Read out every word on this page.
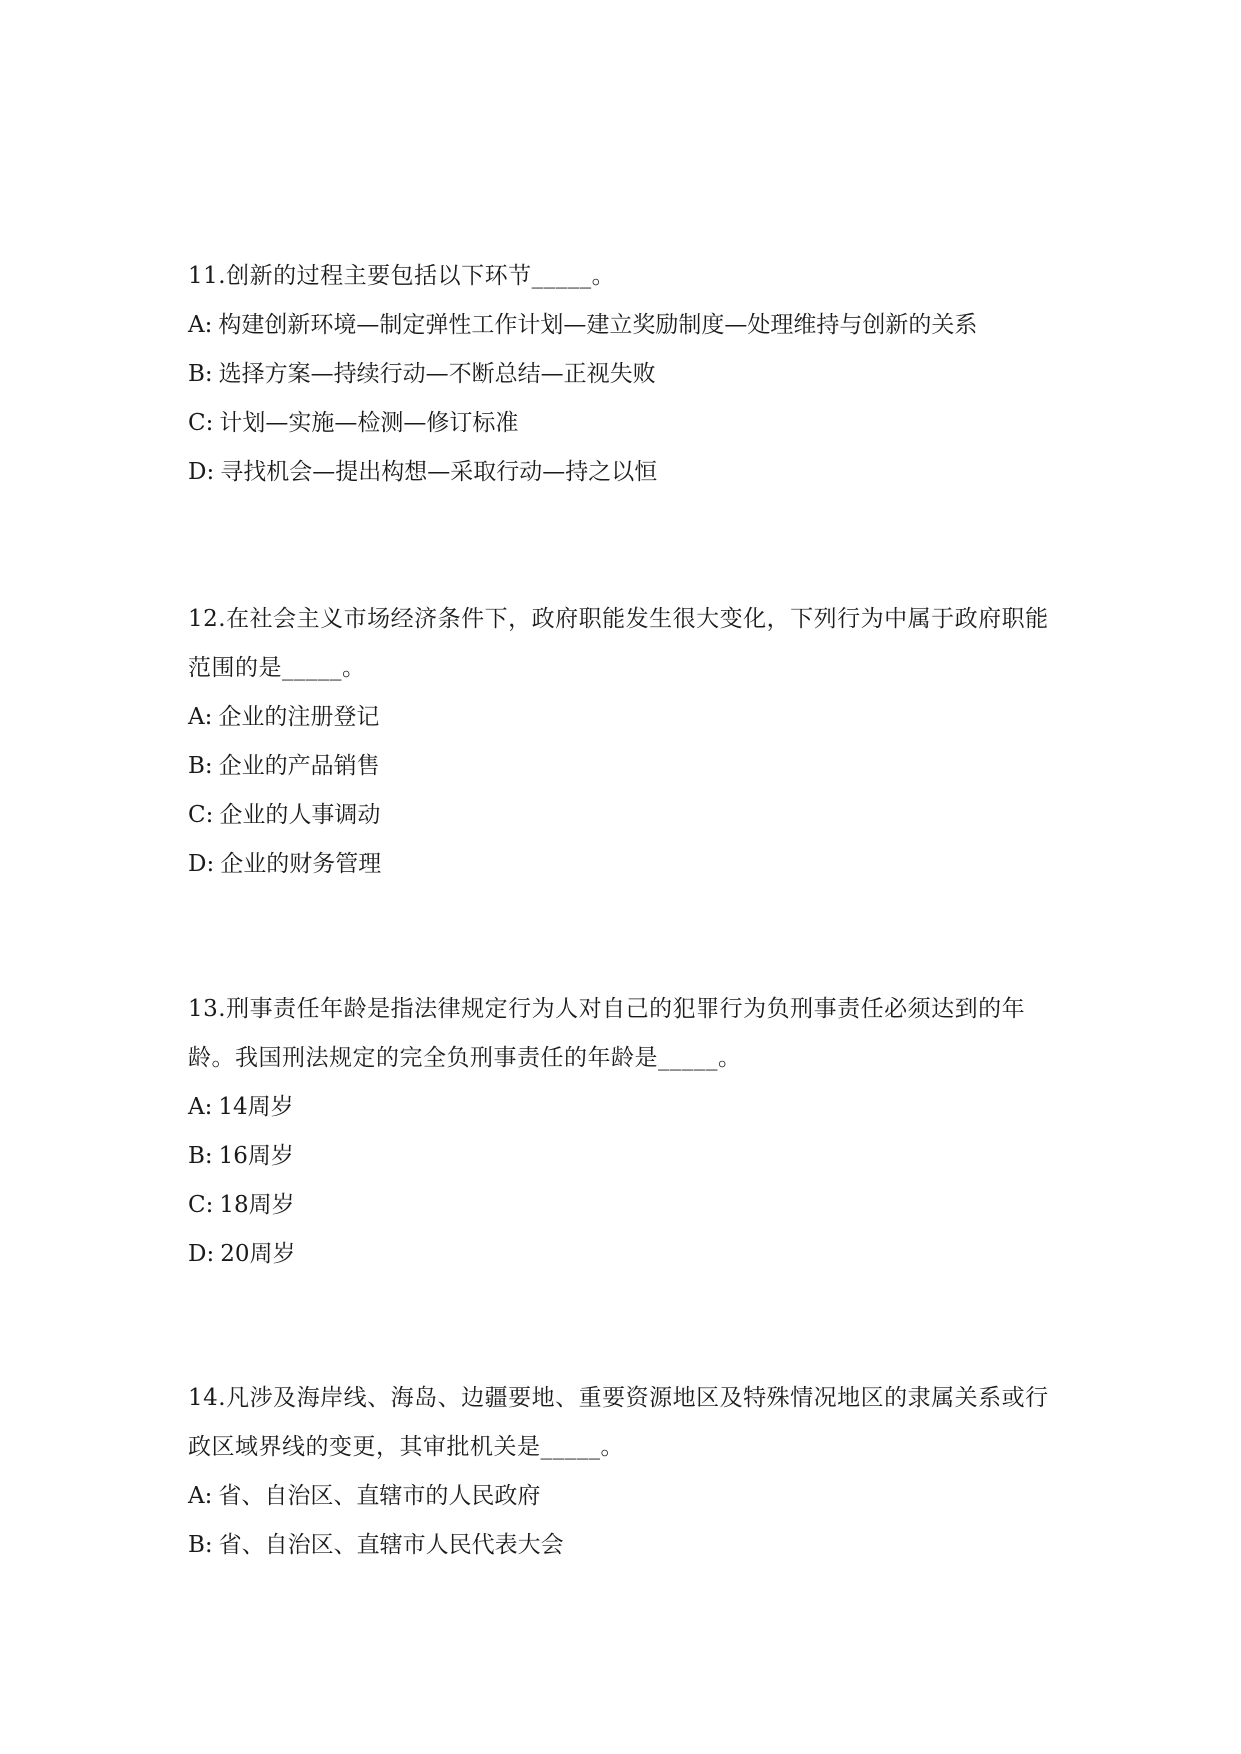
11.创新的过程主要包括以下环节_____。

A: 构建创新环境—制定弹性工作计划—建立奖励制度—处理维持与创新的关系
B: 选择方案—持续行动—不断总结—正视失败
C: 计划—实施—检测—修订标准
D: 寻找机会—提出构想—采取行动—持之以恒

12.在社会主义市场经济条件下，政府职能发生很大变化，下列行为中属于政府职能范围的是_____。

A: 企业的注册登记
B: 企业的产品销售
C: 企业的人事调动
D: 企业的财务管理

13.刑事责任年龄是指法律规定行为人对自己的犯罪行为负刑事责任必须达到的年龄。我国刑法规定的完全负刑事责任的年龄是_____。

A: 14周岁
B: 16周岁
C: 18周岁
D: 20周岁

14.凡涉及海岸线、海岛、边疆要地、重要资源地区及特殊情况地区的隶属关系或行政区域界线的变更，其审批机关是_____。

A: 省、自治区、直辖市的人民政府
B: 省、自治区、直辖市人民代表大会
